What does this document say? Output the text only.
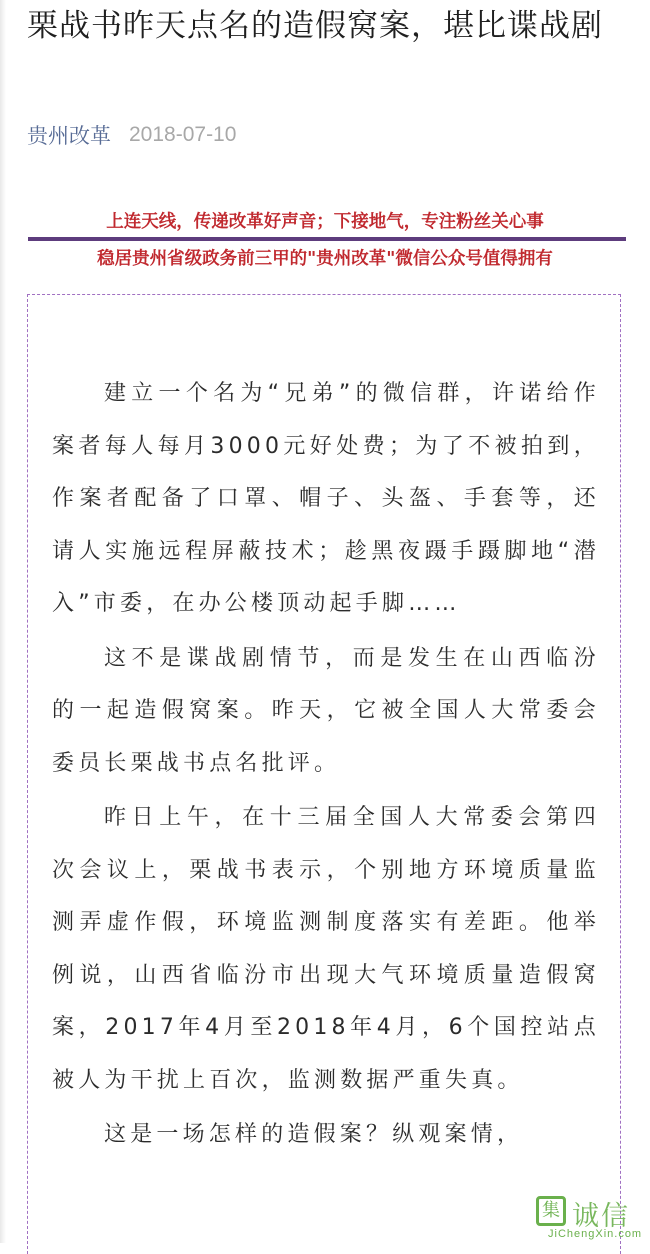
栗战书昨天点名的造假窝案，堪比谍战剧
贵州改革 2018-07-10
上连天线，传递改革好声音；下接地气，专注粉丝关心事
稳居贵州省级政务前三甲的"贵州改革"微信公众号值得拥有

建立一个名为“兄弟”的微信群，许诺给作案者每人每月3000元好处费；为了不被拍到，作案者配备了口罩、帽子、头盔、手套等，还请人实施远程屏蔽技术；趁黑夜蹑手蹑脚地“潜入”市委，在办公楼顶动起手脚……

这不是谍战剧情节，而是发生在山西临汾的一起造假窝案。昨天，它被全国人大常委会委员长栗战书点名批评。

昨日上午，在十三届全国人大常委会第四次会议上，栗战书表示，个别地方环境质量监测弄虚作假，环境监测制度落实有差距。他举例说，山西省临汾市出现大气环境质量造假窝案，2017年4月至2018年4月，6个国控站点被人为干扰上百次，监测数据严重失真。

这是一场怎样的造假案？纵观案情，

集 诚信
JiChengXin.com
